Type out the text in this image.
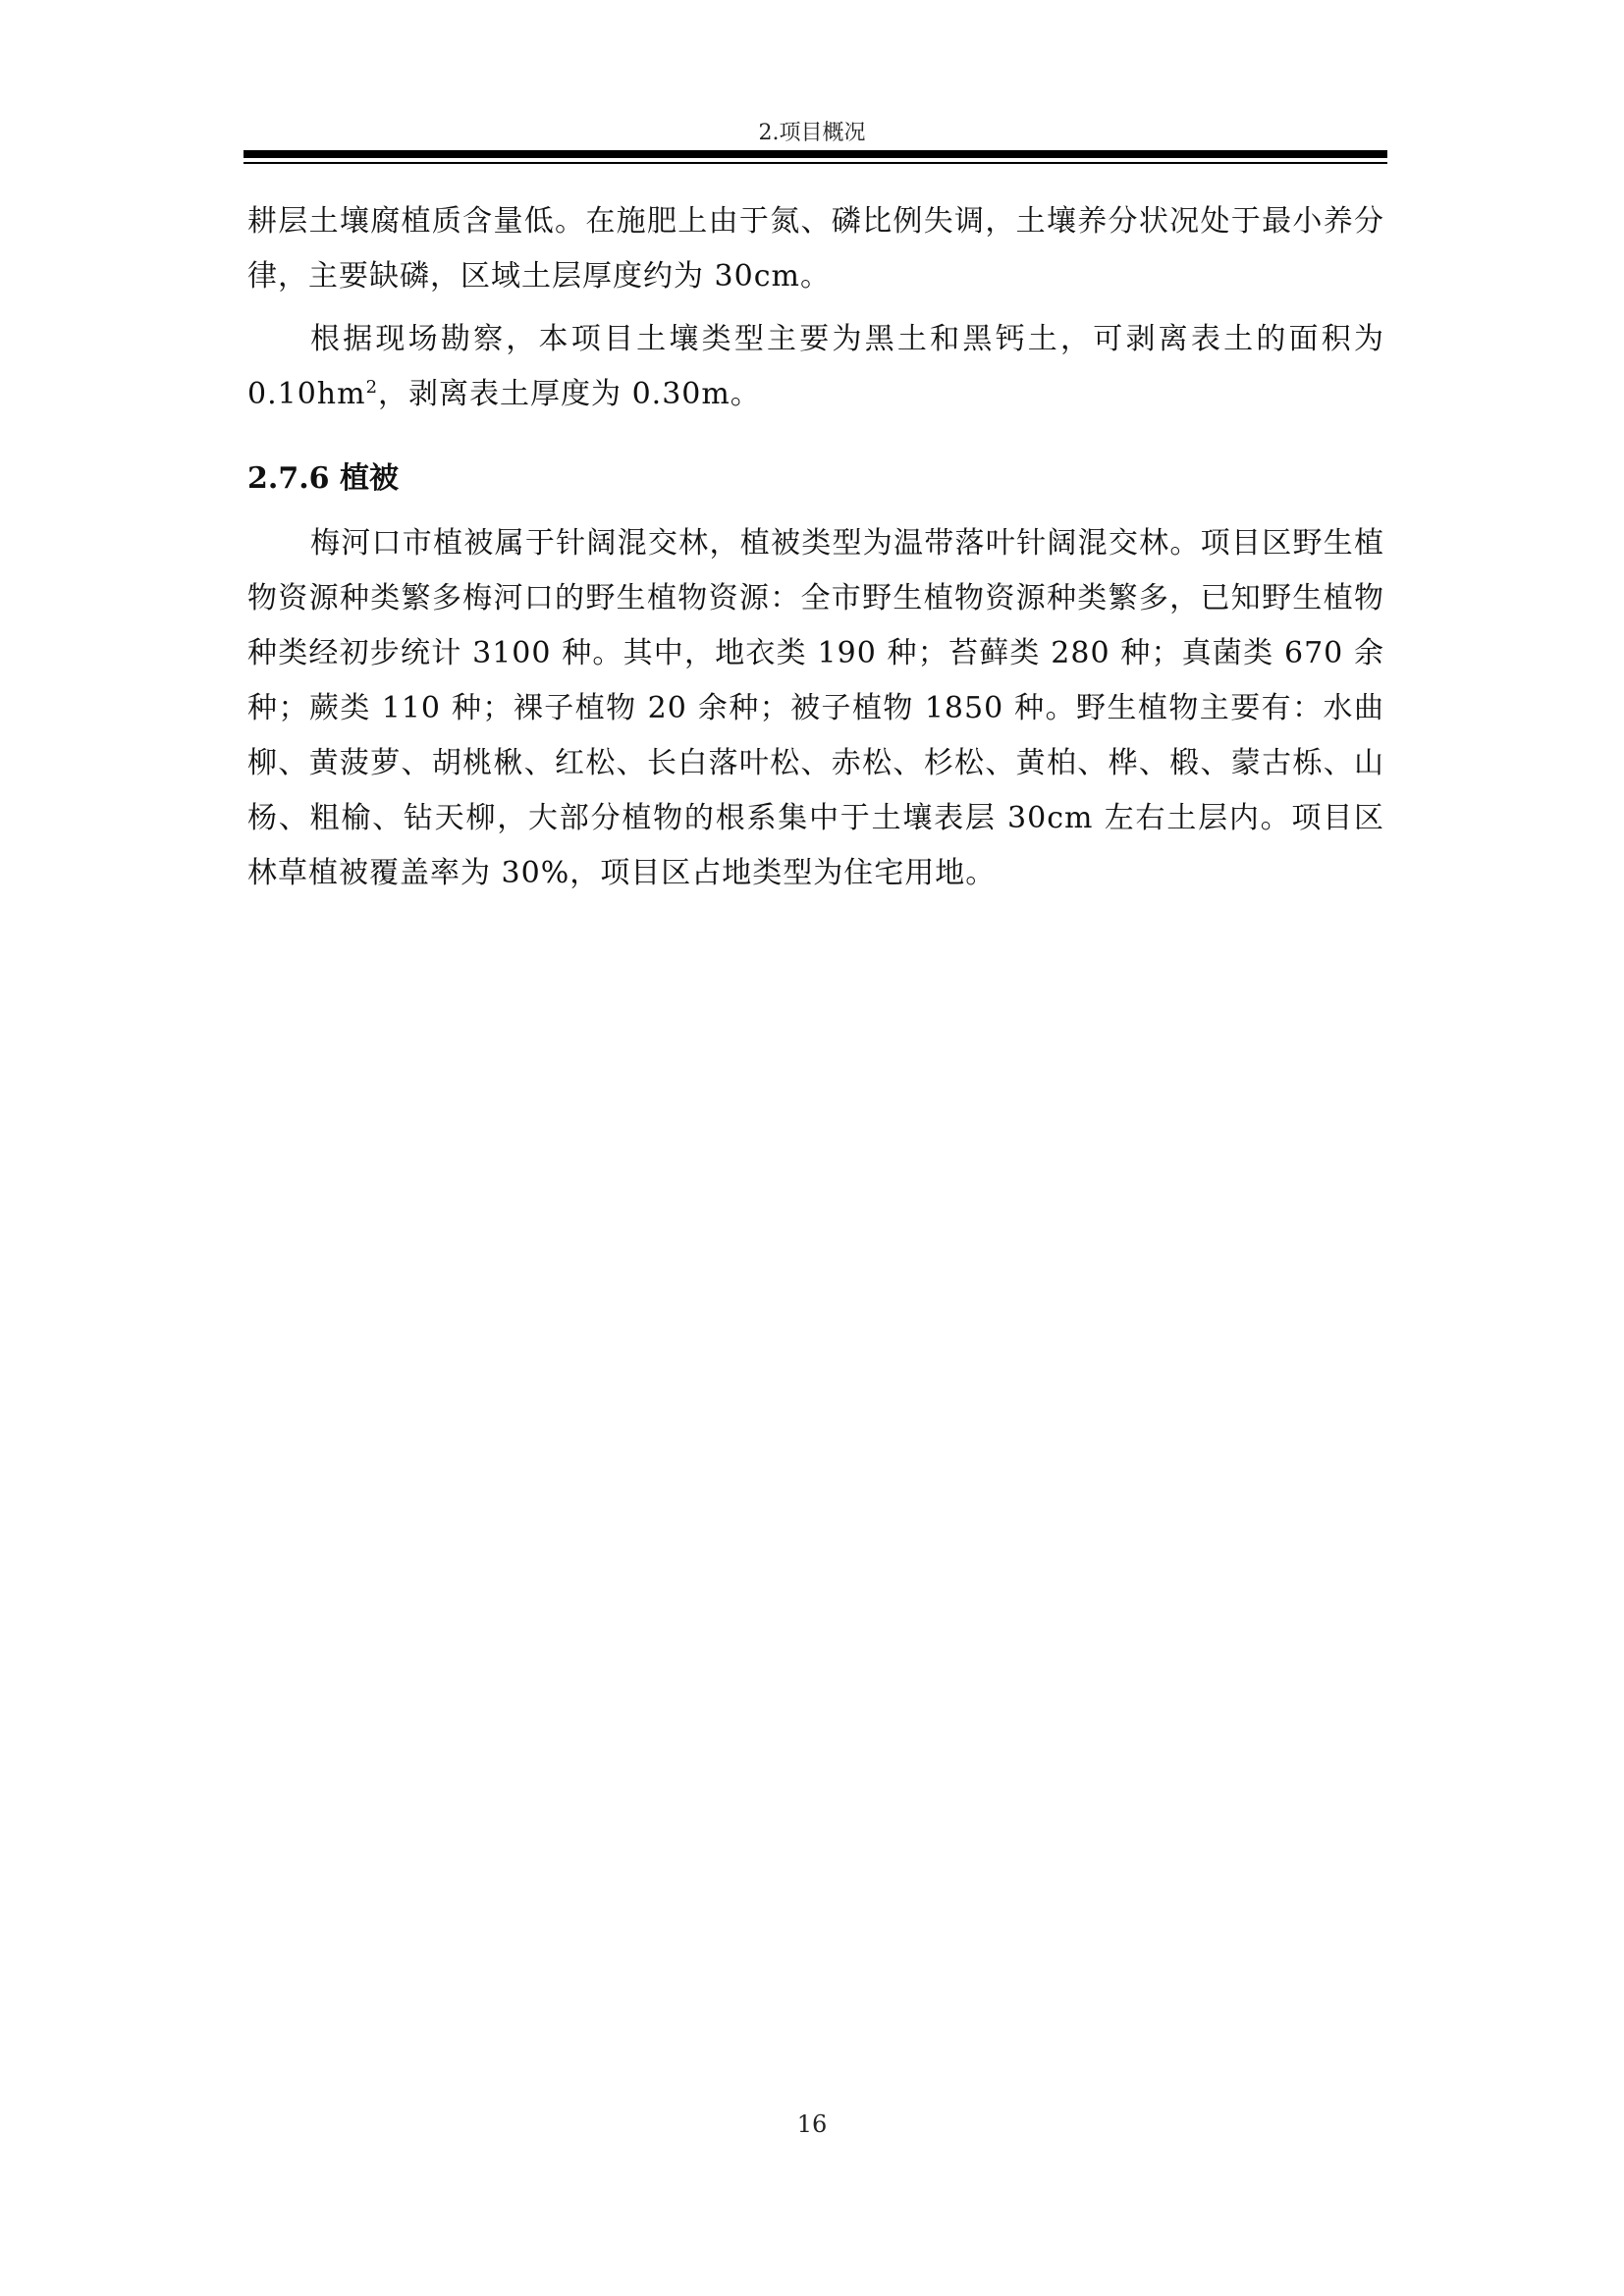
2.项目概况

耕层土壤腐植质含量低。在施肥上由于氮、磷比例失调，土壤养分状况处于最小养分律，主要缺磷，区域土层厚度约为 30cm。

根据现场勘察，本项目土壤类型主要为黑土和黑钙土，可剥离表土的面积为 $0.10hm^2$，剥离表土厚度为 0.30m。

2.7.6 植被

梅河口市植被属于针阔混交林，植被类型为温带落叶针阔混交林。项目区野生植物资源种类繁多梅河口的野生植物资源：全市野生植物资源种类繁多，已知野生植物种类经初步统计 3100 种。其中，地衣类 190 种；苔藓类 280 种；真菌类 670 余种；蕨类 110 种；裸子植物 20 余种；被子植物 1850 种。野生植物主要有：水曲柳、黄菠萝、胡桃楸、红松、长白落叶松、赤松、杉松、黄柏、桦、椴、蒙古栎、山杨、粗榆、钻天柳，大部分植物的根系集中于土壤表层 30cm 左右土层内。项目区林草植被覆盖率为 30%，项目区占地类型为住宅用地。

16
